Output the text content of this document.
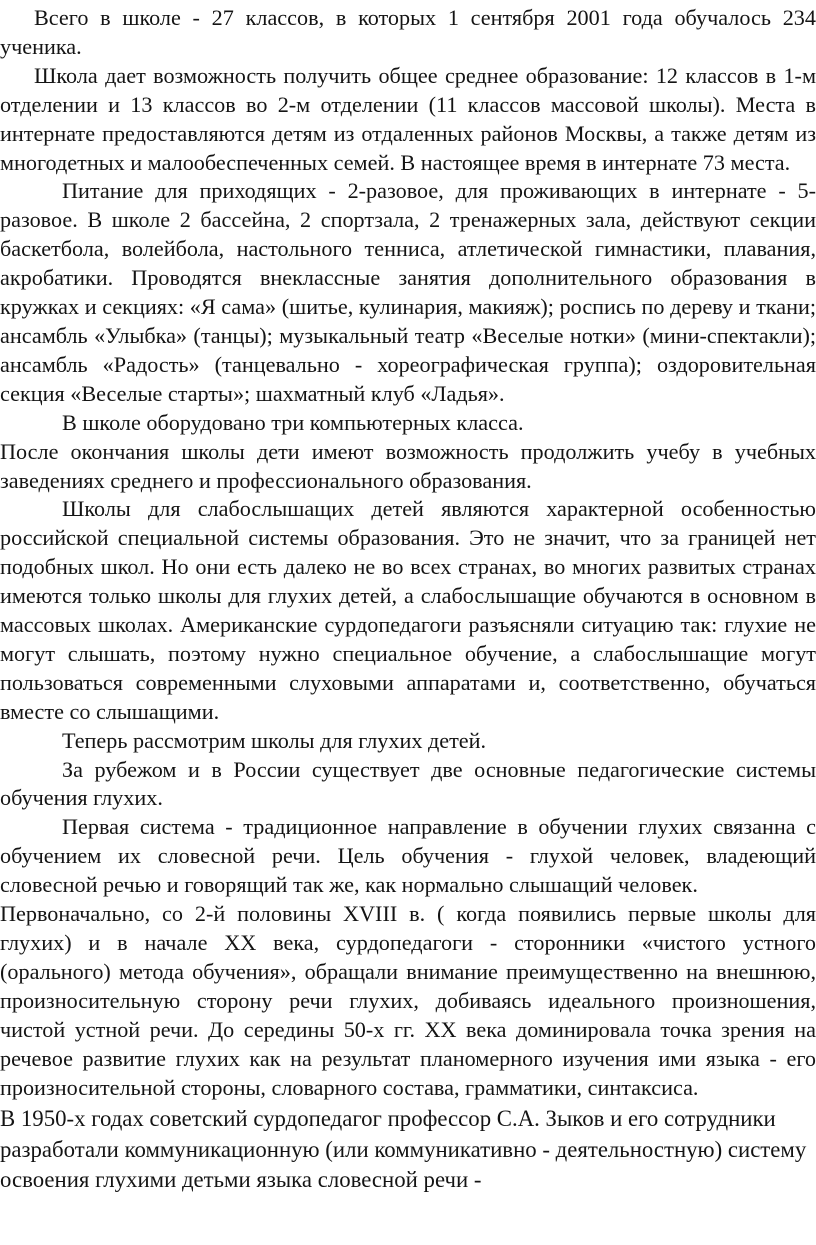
Всего в школе - 27 классов, в которых 1 сентября 2001 года обучалось 234 ученика.

Школа дает возможность получить общее среднее образование: 12 классов в 1-м отделении и 13 классов во 2-м отделении (11 классов массовой школы). Места в интернате предоставляются детям из отдаленных районов Москвы, а также детям из многодетных и малообеспеченных семей. В настоящее время в интернате 73 места.

Питание для приходящих - 2-разовое, для проживающих в интернате - 5-разовое. В школе 2 бассейна, 2 спортзала, 2 тренажерных зала, действуют секции баскетбола, волейбола, настольного тенниса, атлетической гимнастики, плавания, акробатики. Проводятся внеклассные занятия дополнительного образования в кружках и секциях: «Я сама» (шитье, кулинария, макияж); роспись по дереву и ткани; ансамбль «Улыбка» (танцы); музыкальный театр «Веселые нотки» (мини-спектакли); ансамбль «Радость» (танцевально - хореографическая группа); оздоровительная секция «Веселые старты»; шахматный клуб «Ладья».

В школе оборудовано три компьютерных класса.

После окончания школы дети имеют возможность продолжить учебу в учебных заведениях среднего и профессионального образования.

Школы для слабослышащих детей являются характерной особенностью российской специальной системы образования. Это не значит, что за границей нет подобных школ. Но они есть далеко не во всех странах, во многих развитых странах имеются только школы для глухих детей, а слабослышащие обучаются в основном в массовых школах. Американские сурдопедагоги разъясняли ситуацию так: глухие не могут слышать, поэтому нужно специальное обучение, а слабослышащие могут пользоваться современными слуховыми аппаратами и, соответственно, обучаться вместе со слышащими.

Теперь рассмотрим школы для глухих детей.

За рубежом и в России существует две основные педагогические системы обучения глухих.

Первая система - традиционное направление в обучении глухих связанна с обучением их словесной речи. Цель обучения - глухой человек, владеющий словесной речью и говорящий так же, как нормально слышащий человек.

Первоначально, со 2-й половины XVIII в. ( когда появились первые школы для глухих) и в начале XX века, сурдопедагоги - сторонники «чистого устного (орального) метода обучения», обращали внимание преимущественно на внешнюю, произносительную сторону речи глухих, добиваясь идеального произношения, чистой устной речи. До середины 50-х гг. XX века доминировала точка зрения на речевое развитие глухих как на результат планомерного изучения ими языка - его произносительной стороны, словарного состава, грамматики, синтаксиса.

В 1950-х годах советский сурдопедагог профессор С.А. Зыков и его сотрудники разработали коммуникационную (или коммуникативно - деятельностную) систему освоения глухими детьми языка словесной речи -
